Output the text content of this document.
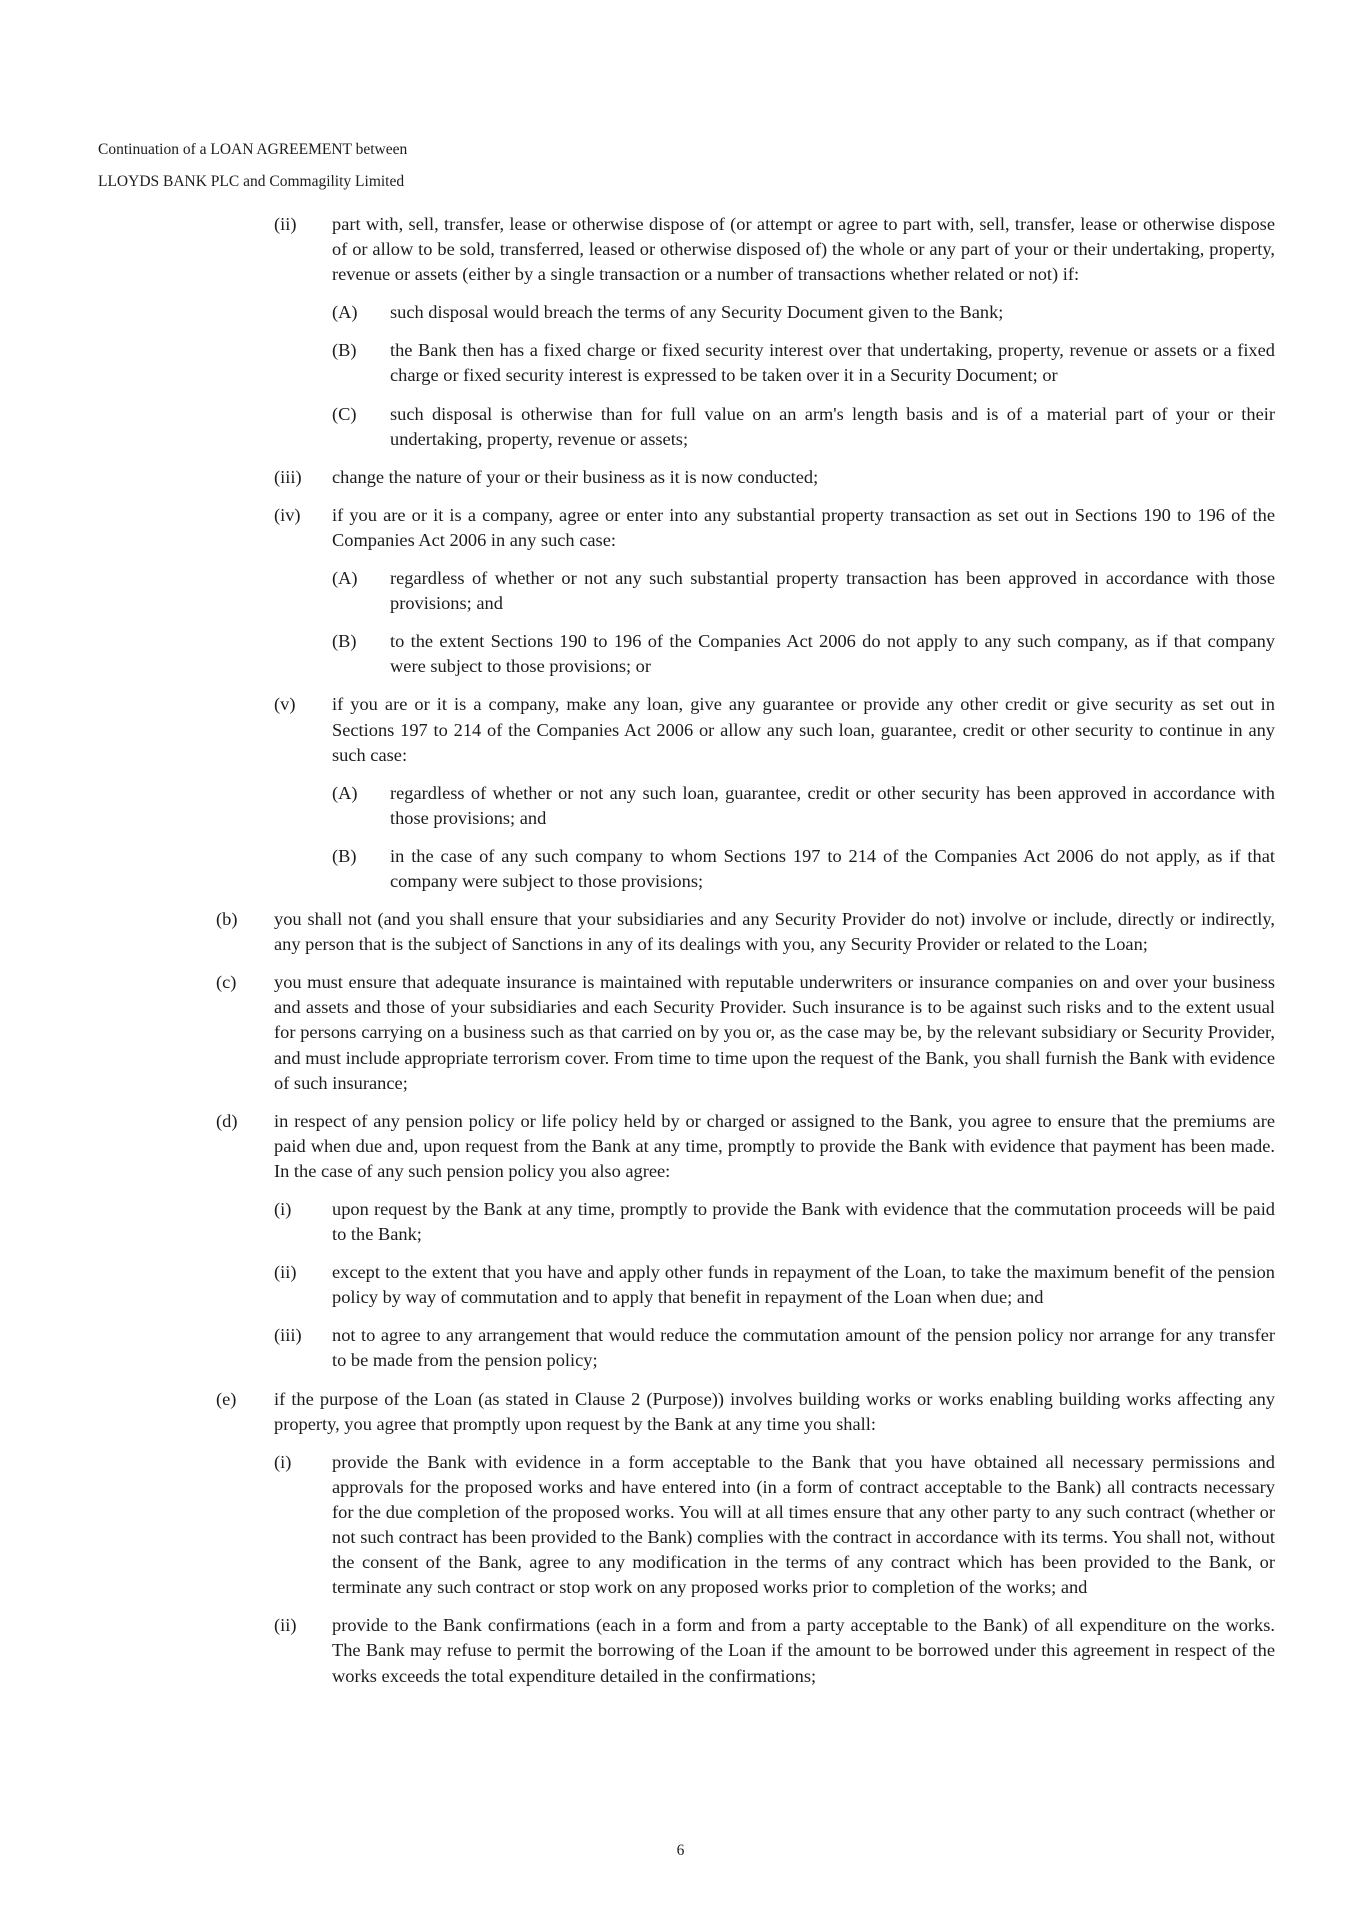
Continuation of a LOAN AGREEMENT between
LLOYDS BANK PLC and Commagility Limited
(ii) part with, sell, transfer, lease or otherwise dispose of (or attempt or agree to part with, sell, transfer, lease or otherwise dispose of or allow to be sold, transferred, leased or otherwise disposed of) the whole or any part of your or their undertaking, property, revenue or assets (either by a single transaction or a number of transactions whether related or not) if:
(A) such disposal would breach the terms of any Security Document given to the Bank;
(B) the Bank then has a fixed charge or fixed security interest over that undertaking, property, revenue or assets or a fixed charge or fixed security interest is expressed to be taken over it in a Security Document; or
(C) such disposal is otherwise than for full value on an arm's length basis and is of a material part of your or their undertaking, property, revenue or assets;
(iii) change the nature of your or their business as it is now conducted;
(iv) if you are or it is a company, agree or enter into any substantial property transaction as set out in Sections 190 to 196 of the Companies Act 2006 in any such case:
(A) regardless of whether or not any such substantial property transaction has been approved in accordance with those provisions; and
(B) to the extent Sections 190 to 196 of the Companies Act 2006 do not apply to any such company, as if that company were subject to those provisions; or
(v) if you are or it is a company, make any loan, give any guarantee or provide any other credit or give security as set out in Sections 197 to 214 of the Companies Act 2006 or allow any such loan, guarantee, credit or other security to continue in any such case:
(A) regardless of whether or not any such loan, guarantee, credit or other security has been approved in accordance with those provisions; and
(B) in the case of any such company to whom Sections 197 to 214 of the Companies Act 2006 do not apply, as if that company were subject to those provisions;
(b) you shall not (and you shall ensure that your subsidiaries and any Security Provider do not) involve or include, directly or indirectly, any person that is the subject of Sanctions in any of its dealings with you, any Security Provider or related to the Loan;
(c) you must ensure that adequate insurance is maintained with reputable underwriters or insurance companies on and over your business and assets and those of your subsidiaries and each Security Provider. Such insurance is to be against such risks and to the extent usual for persons carrying on a business such as that carried on by you or, as the case may be, by the relevant subsidiary or Security Provider, and must include appropriate terrorism cover. From time to time upon the request of the Bank, you shall furnish the Bank with evidence of such insurance;
(d) in respect of any pension policy or life policy held by or charged or assigned to the Bank, you agree to ensure that the premiums are paid when due and, upon request from the Bank at any time, promptly to provide the Bank with evidence that payment has been made. In the case of any such pension policy you also agree:
(i) upon request by the Bank at any time, promptly to provide the Bank with evidence that the commutation proceeds will be paid to the Bank;
(ii) except to the extent that you have and apply other funds in repayment of the Loan, to take the maximum benefit of the pension policy by way of commutation and to apply that benefit in repayment of the Loan when due; and
(iii) not to agree to any arrangement that would reduce the commutation amount of the pension policy nor arrange for any transfer to be made from the pension policy;
(e) if the purpose of the Loan (as stated in Clause 2 (Purpose)) involves building works or works enabling building works affecting any property, you agree that promptly upon request by the Bank at any time you shall:
(i) provide the Bank with evidence in a form acceptable to the Bank that you have obtained all necessary permissions and approvals for the proposed works and have entered into (in a form of contract acceptable to the Bank) all contracts necessary for the due completion of the proposed works. You will at all times ensure that any other party to any such contract (whether or not such contract has been provided to the Bank) complies with the contract in accordance with its terms. You shall not, without the consent of the Bank, agree to any modification in the terms of any contract which has been provided to the Bank, or terminate any such contract or stop work on any proposed works prior to completion of the works; and
(ii) provide to the Bank confirmations (each in a form and from a party acceptable to the Bank) of all expenditure on the works. The Bank may refuse to permit the borrowing of the Loan if the amount to be borrowed under this agreement in respect of the works exceeds the total expenditure detailed in the confirmations;
6
